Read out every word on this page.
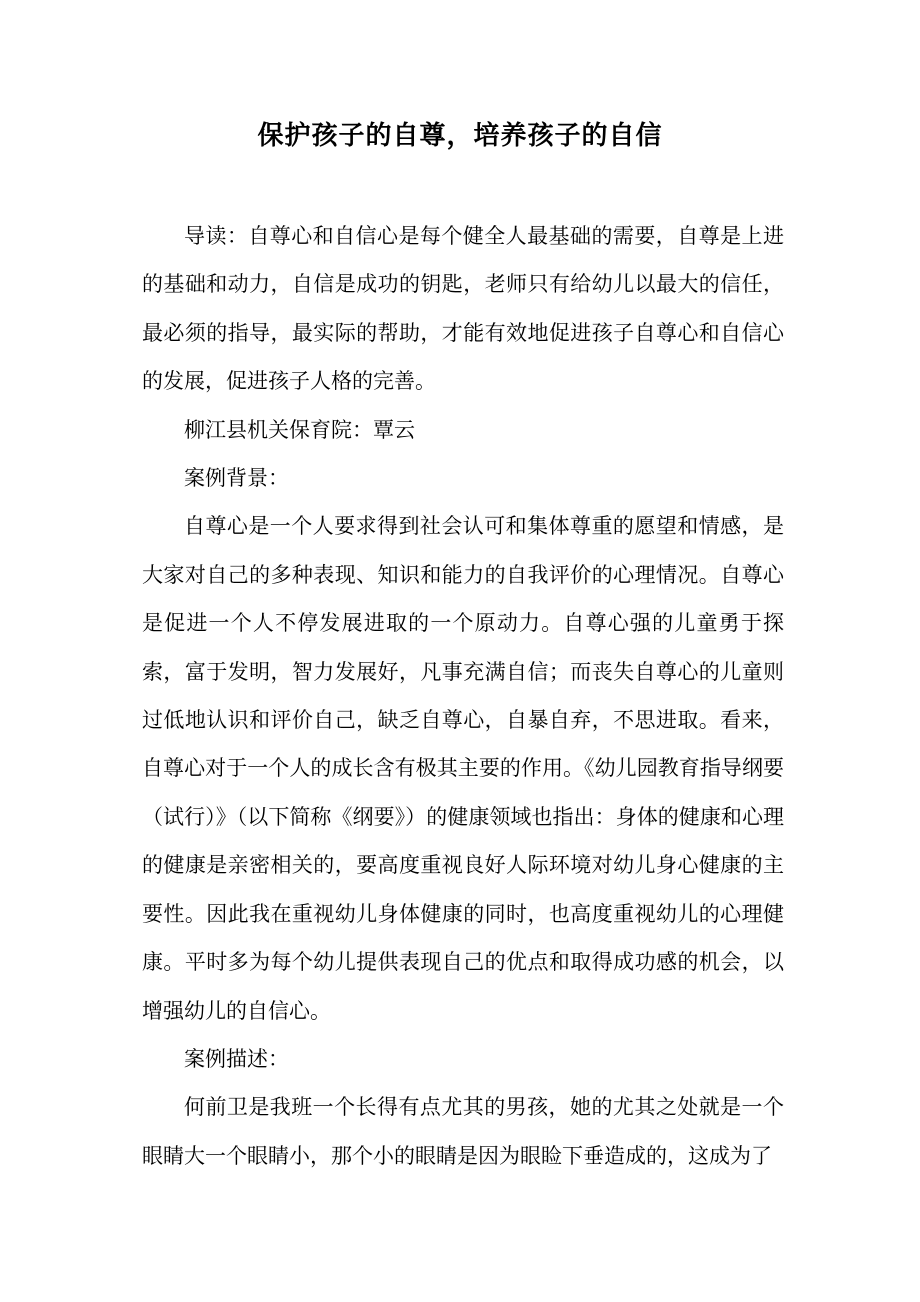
保护孩子的自尊，培养孩子的自信

导读：自尊心和自信心是每个健全人最基础的需要，自尊是上进的基础和动力，自信是成功的钥匙，老师只有给幼儿以最大的信任，最必须的指导，最实际的帮助，才能有效地促进孩子自尊心和自信心的发展，促进孩子人格的完善。

柳江县机关保育院：覃云

案例背景：

自尊心是一个人要求得到社会认可和集体尊重的愿望和情感，是大家对自己的多种表现、知识和能力的自我评价的心理情况。自尊心是促进一个人不停发展进取的一个原动力。自尊心强的儿童勇于探索，富于发明，智力发展好，凡事充满自信；而丧失自尊心的儿童则过低地认识和评价自己，缺乏自尊心，自暴自弃，不思进取。看来，自尊心对于一个人的成长含有极其主要的作用。《幼儿园教育指导纲要（试行）》（以下简称《纲要》）的健康领域也指出：身体的健康和心理的健康是亲密相关的，要高度重视良好人际环境对幼儿身心健康的主要性。因此我在重视幼儿身体健康的同时，也高度重视幼儿的心理健康。平时多为每个幼儿提供表现自己的优点和取得成功感的机会，以增强幼儿的自信心。

案例描述：

何前卫是我班一个长得有点尤其的男孩，她的尤其之处就是一个眼睛大一个眼睛小，那个小的眼睛是因为眼睑下垂造成的，这成为了
